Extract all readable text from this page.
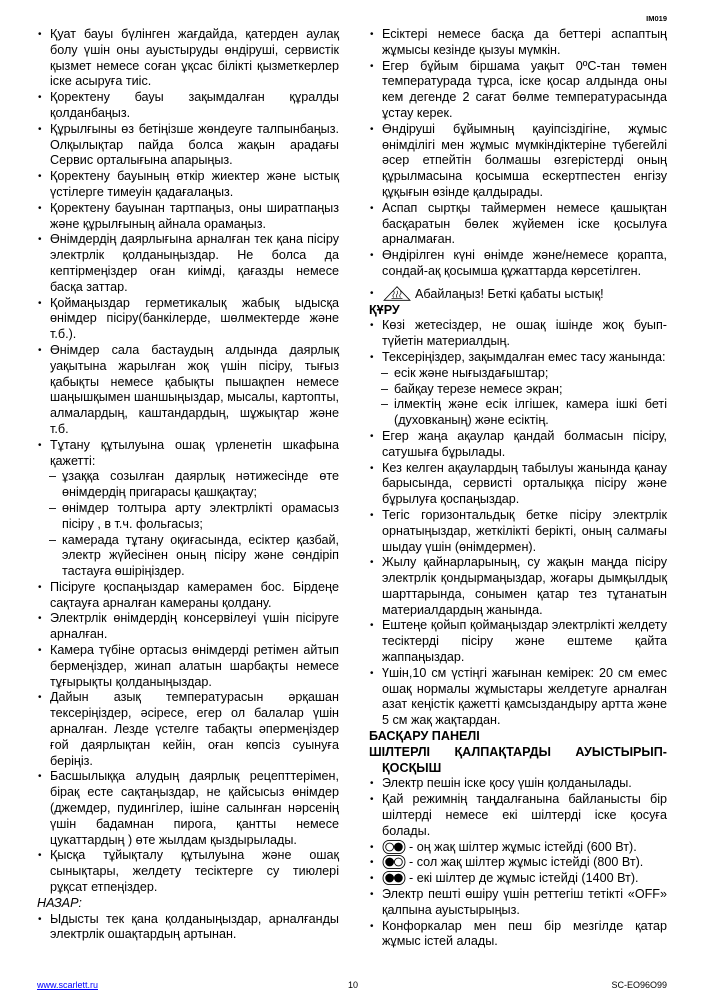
IM019
• Қуат бауы бүлінген жағдайда, қатерден аулақ болу үшін оны ауыстыруды өндіруші, сервистік қызмет немесе соған ұқсас білікті қызметкерлер іске асыруға тиіс.
• Қоректену бауы зақымдалған құралды қолданбаңыз.
• Құрылғыны өз бетіңізше жөндеуге талпынбаңыз. Олқылықтар пайда болса жақын арадағы Сервис орталығына апарыңыз.
• Қоректену бауының өткір жиектер және ыстық үстілерге тимеуін қадағалаңыз.
• Қоректену бауынан тартпаңыз, оны ширатпаңыз және құрылғының айнала орамаңыз.
• Өнімдердің даярлығына арналған тек қана пісіру электрлік қолданыңыздар. Не болса да кептірмеңіздер оған киімді, қағазды немесе басқа заттар.
• Қоймаңыздар герметикалық жабық ыдысқа өнімдер пісіру(банкілерде, шөлмектерде және т.б.).
• Өнімдер сала бастаудың алдында даярлық уақытына жарылған жоқ үшін пісіру, тығыз қабықты немесе қабықты пышақпен немесе шаңышқымен шаншыңыздар, мысалы, картопты, алмалардың, каштандардың, шұжықтар және т.б.
• Тұтану құтылуына ошақ үрленетін шкафына қажетті:
– ұзаққа созылған даярлық нәтижесінде өте өнімдердің пригарасы қашқақтау;
– өнімдер толтыра арту электрлікті орамасыз пісіру , в т.ч. фольгасыз;
– камерада тұтану оқиғасында, есіктер қазбай, электр жүйесінен оның пісіру және сөндіріп тастауға өшіріңіздер.
• Пісіруге қоспаңыздар камерамен бос. Бірдеңе сақтауға арналған камераны қолдану.
• Электрлік өнімдердің консервілеуі үшін пісіруге арналған.
• Камера түбіне ортасыз өнімдерді ретімен айтып бермеңіздер, жинап алатын шарбақты немесе тұғырықты қолданыңыздар.
• Дайын азық температурасын әрқашан тексеріңіздер, әсіресе, егер ол балалар үшін арналған. Лезде үстелге табақты әпермеңіздер ғой даярлықтан кейін, оған көпсіз суынуға беріңіз.
• Басшылыққа алудың даярлық рецепттерімен, бірақ есте сақтаңыздар, не қайсысыз өнімдер (джемдер, пудингілер, ішіне салынған нәрсенің үшін бадамнан пирога, қантты немесе цукаттардың ) өте жылдам қыздырылады.
• Қысқа тұйықталу құтылуына және ошақ сынықтары, желдету тесіктерге су тиюлері рұқсат етпеңіздер.
НАЗАР:
• Ыдысты тек қана қолданыңыздар, арналғанды электрлік ошақтардың артынан.
• Есіктері немесе басқа да беттері аспаптың жұмысы кезінде қызуы мүмкін.
• Егер бұйым біршама уақыт 0ºC-тан төмен температурада тұрса, іске қосар алдында оны кем дегенде 2 сағат бөлме температурасында ұстау керек.
• Өндіруші бұйымның қауіпсіздігіне, жұмыс өнімділігі мен жұмыс мүмкіндіктеріне түбегейлі әсер етпейтін болмашы өзгерістерді оның құрылмасына қосымша ескертпестен енгізу құқығын өзінде қалдырады.
• Аспап сыртқы таймермен немесе қашықтан басқаратын бөлек жүйемен іске қосылуға арналмаған.
• Өндірілген күні өнімде және/немесе қорапта, сондай-ақ қосымша құжаттарда көрсетілген.
• Абайлаңыз! Беткі қабаты ыстық!
ҚҰРУ
• Көзі жетесіздер, не ошақ ішінде жоқ буып-түйетін материалдың.
• Тексеріңіздер, зақымдалған емес тасу жанында:
– есік және нығыздағыштар;
– байқау терезе немесе экран;
– ілмектің және есік ілгішек, камера ішкі беті (духовканың) және есіктің.
• Егер жаңа ақаулар қандай болмасын пісіру, сатушыға бұрылады.
• Кез келген ақаулардың табылуы жанында қанау барысында, сервисті орталыққа пісіру және бұрылуға қоспаңыздар.
• Тегіс горизонтальдық бетке пісіру электрлік орнатыңыздар, жеткілікті берікті, оның салмағы шыдау үшін (өнімдермен).
• Жылу қайнарларының, су жақын маңда пісіру электрлік қондырмаңыздар, жоғары дымқылдық шарттарында, сонымен қатар тез тұтанатын материалдардың жанында.
• Ештеңе қойып қоймаңыздар электрлікті желдету тесіктерді пісіру және ештеме қайта жаппаңыздар.
• Үшін,10 см үстіңгі жағынан кемірек: 20 см емес ошақ нормалы жұмыстары желдетуге арналған азат кеңістік қажетті қамсыздандыру артта және 5 см жақ жақтардан.
БАСҚАРУ ПАНЕЛІ
ШІЛТЕРЛІ ҚАЛПАҚТАРДЫ АУЫСТЫРЫП-ҚОСҚЫШ
• Электр пешін іске қосу үшін қолданылады.
• Қай режимнің таңдалғанына байланысты бір шілтерді немесе екі шілтерді іске қосуға болады.
• - оң жақ шілтер жұмыс істейді (600 Вт).
• - сол жақ шілтер жұмыс істейді (800 Вт).
• - екі шілтер де жұмыс істейді (1400 Вт).
• Электр пешті өшіру үшін реттегіш тетікті «OFF» қалпына ауыстырыңыз.
• Конфоркалар мен пеш бір мезгілде қатар жұмыс істей алады.
www.scarlett.ru	10	SC-EO96O99
